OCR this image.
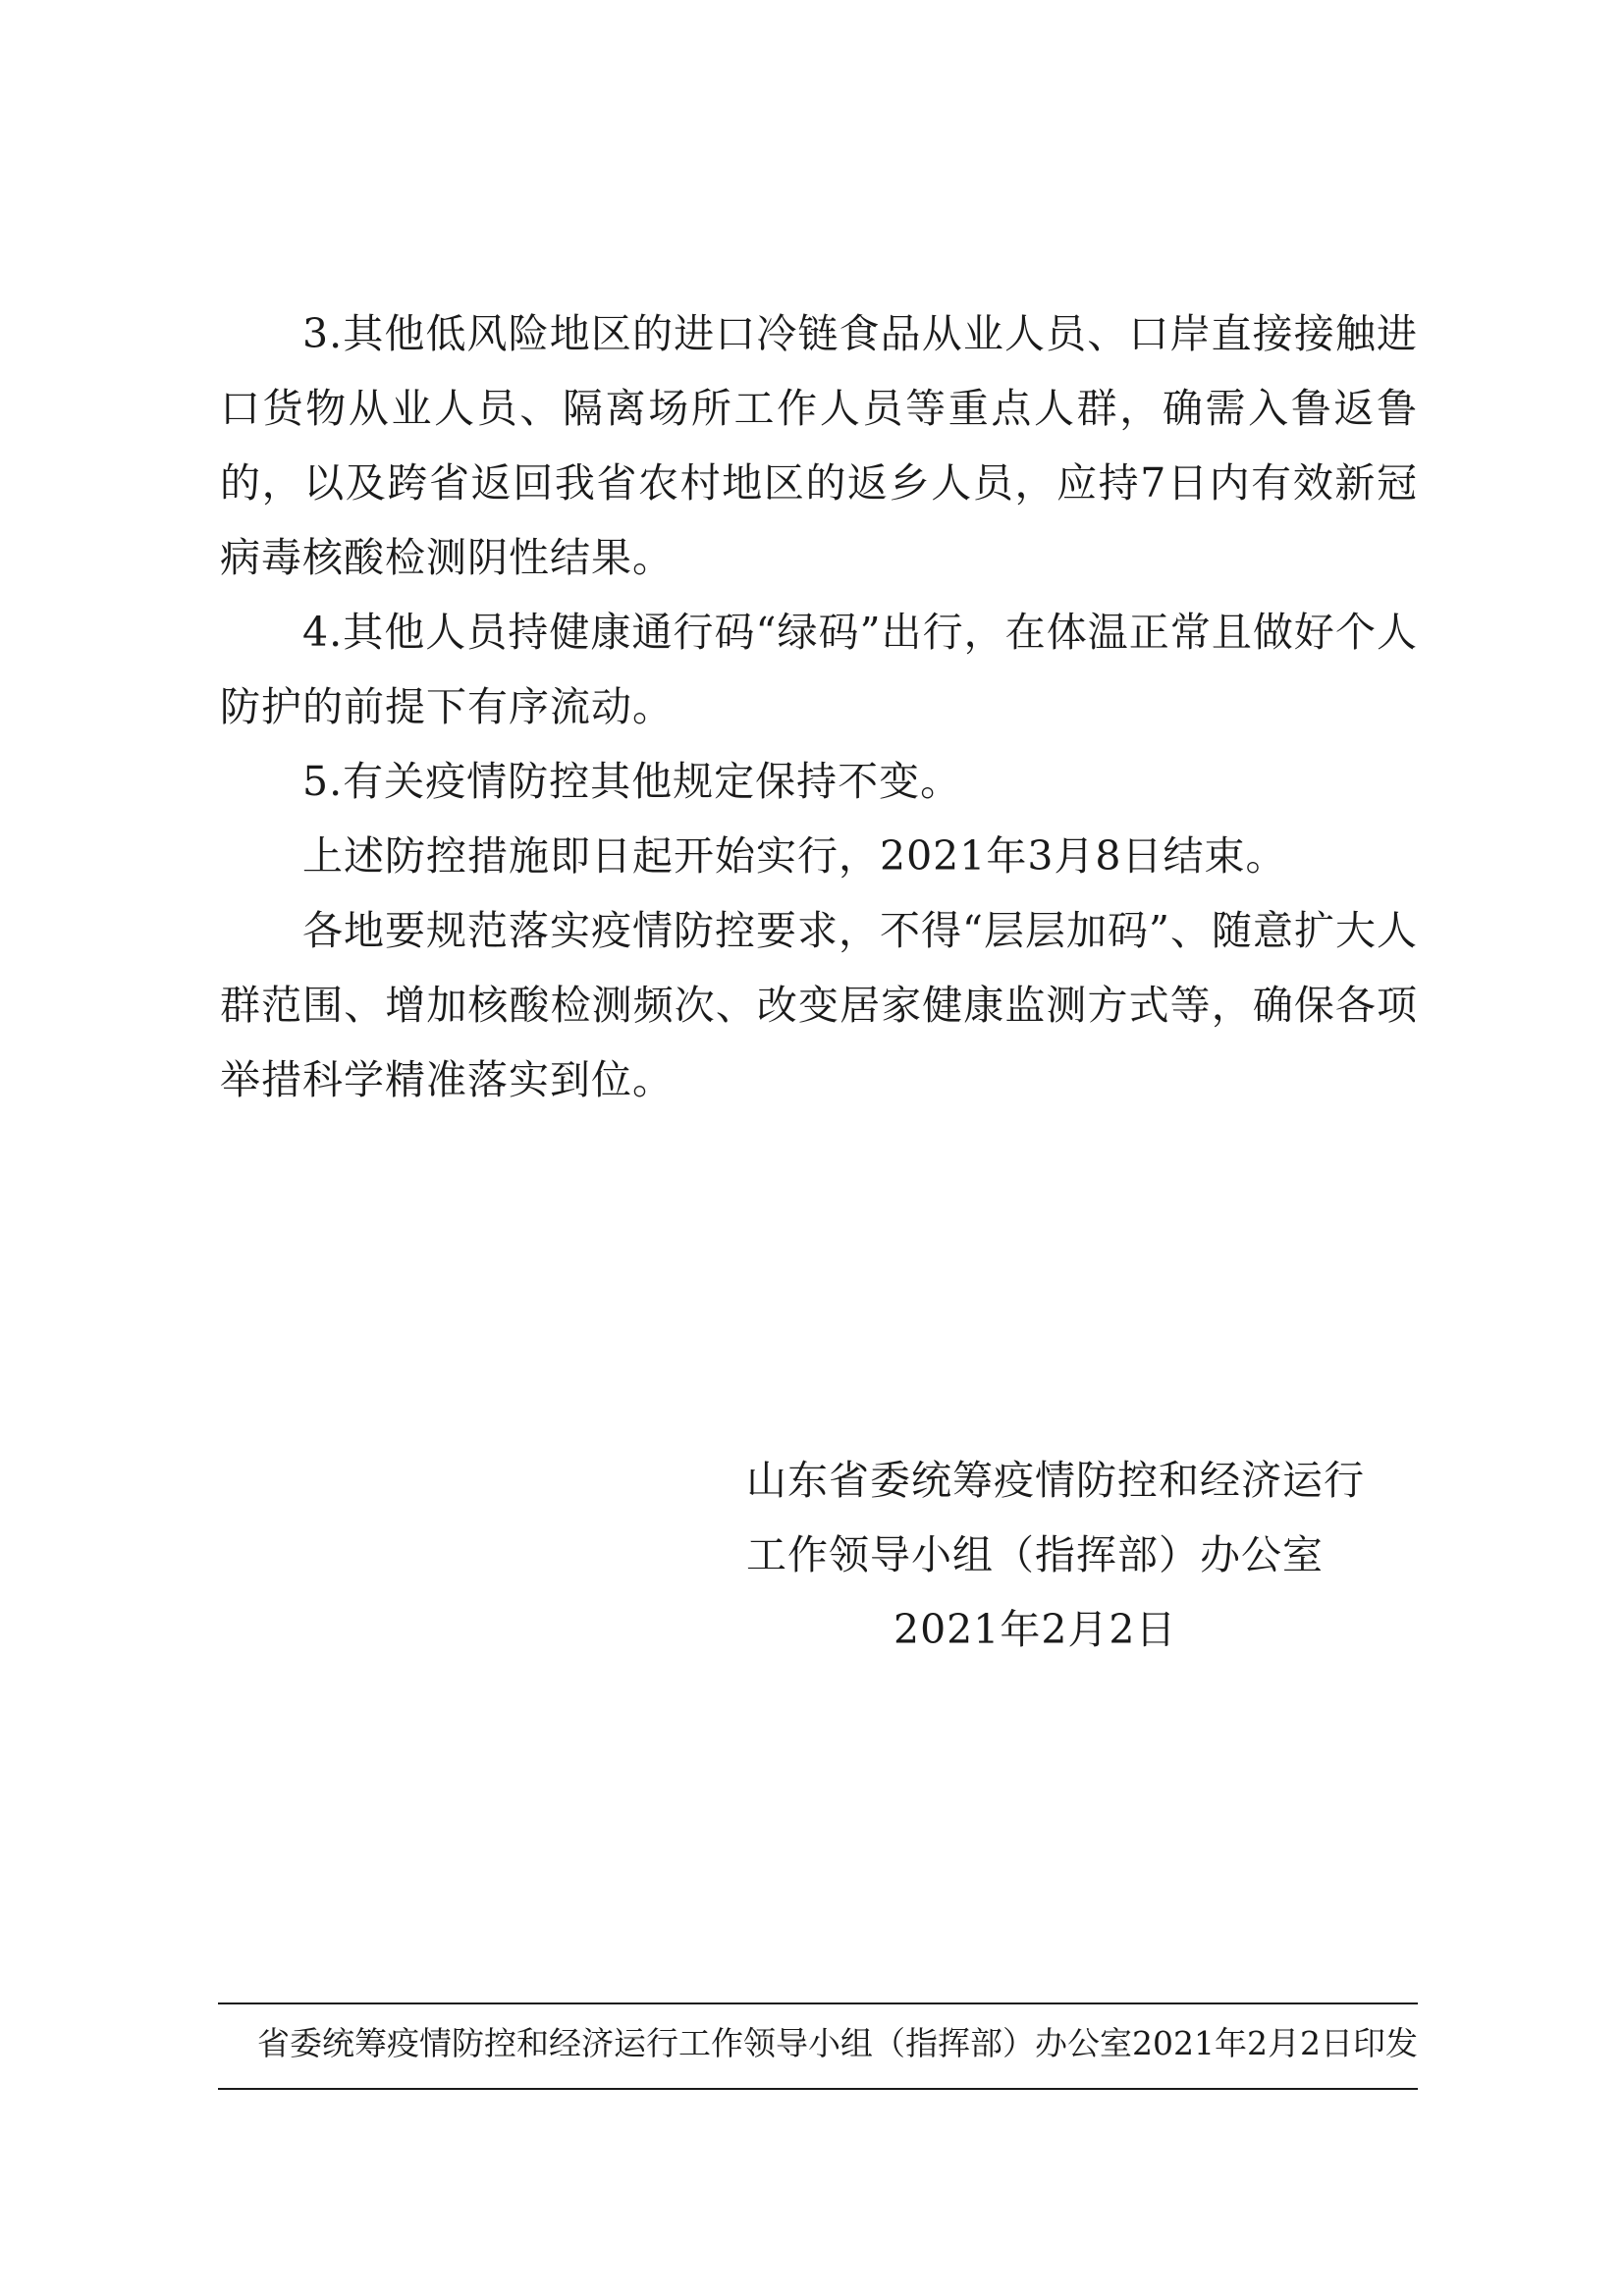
3.其他低风险地区的进口冷链食品从业人员、口岸直接接触进口货物从业人员、隔离场所工作人员等重点人群，确需入鲁返鲁的，以及跨省返回我省农村地区的返乡人员，应持7日内有效新冠病毒核酸检测阴性结果。

4.其他人员持健康通行码“绿码”出行，在体温正常且做好个人防护的前提下有序流动。

5.有关疫情防控其他规定保持不变。

上述防控措施即日起开始实行，2021年3月8日结束。

各地要规范落实疫情防控要求，不得“层层加码”、随意扩大人群范围、增加核酸检测频次、改变居家健康监测方式等，确保各项举措科学精准落实到位。

山东省委统筹疫情防控和经济运行
工作领导小组（指挥部）办公室
2021年2月2日
省委统筹疫情防控和经济运行工作领导小组（指挥部）办公室 2021年2月2日印发
